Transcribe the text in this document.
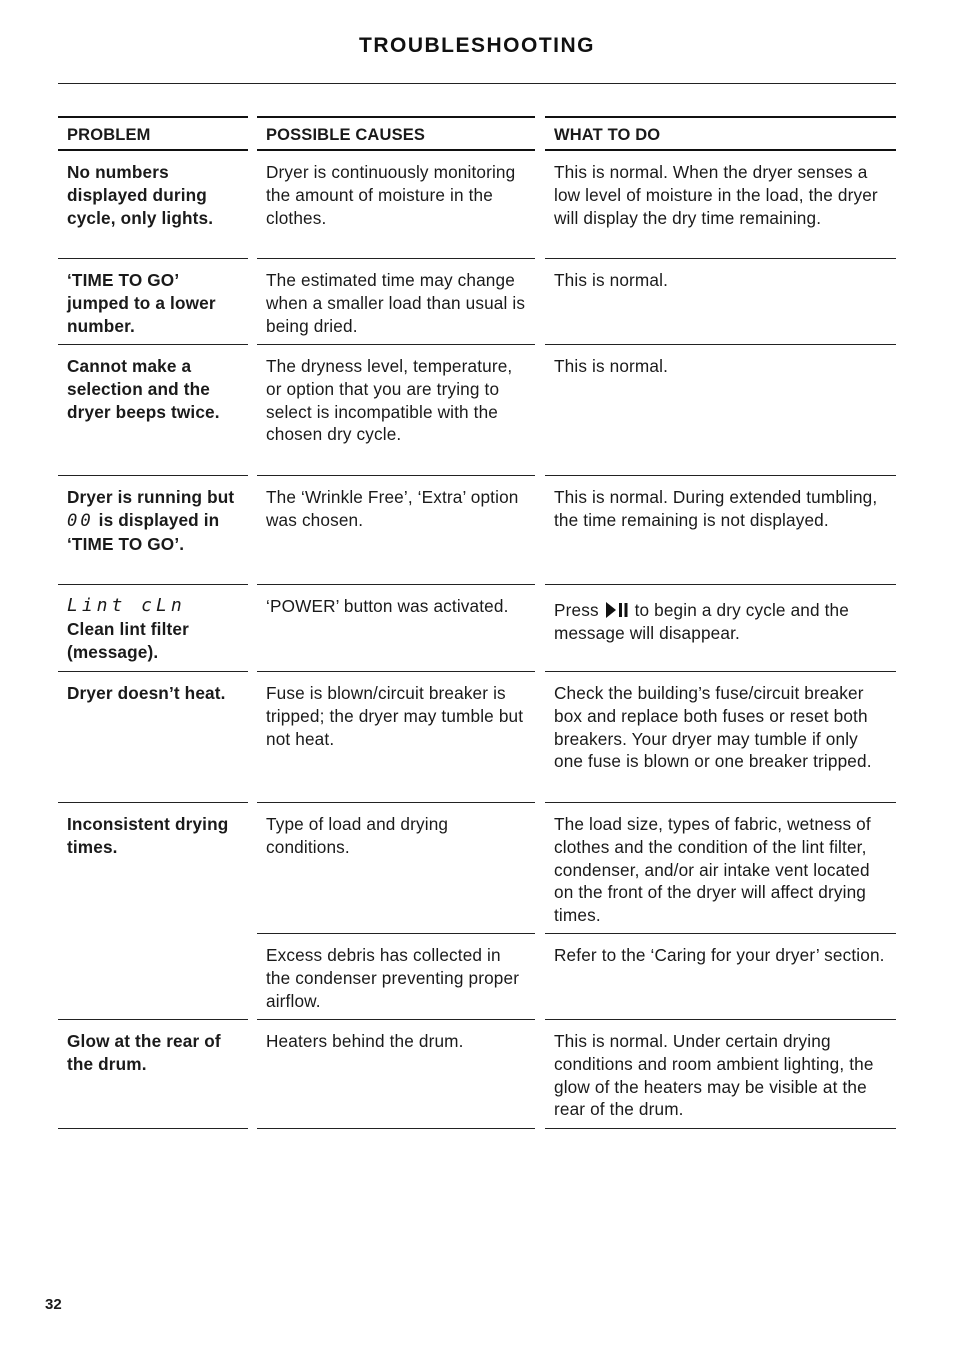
TROUBLESHOOTING
PROBLEM
No numbers displayed during cycle, only lights.
‘TIME TO GO’ jumped to a lower number.
Cannot make a selection and the dryer beeps twice.
Dryer is running but 00 is displayed in ‘TIME TO GO’.
Lint cLn
Clean lint filter (message).
Dryer doesn’t heat.
Inconsistent drying times.
Glow at the rear of the drum.
POSSIBLE CAUSES
Dryer is continuously monitoring the amount of moisture in the clothes.
The estimated time may change when a smaller load than usual is being dried.
The dryness level, temperature, or option that you are trying to select is incompatible with the chosen dry cycle.
The ‘Wrinkle Free’, ‘Extra’ option was chosen.
‘POWER’ button was activated.
Fuse is blown/circuit breaker is tripped; the dryer may tumble but not heat.
Type of load and drying conditions.
Excess debris has collected in the condenser preventing proper airflow.
Heaters behind the drum.
WHAT TO DO
This is normal. When the dryer senses a low level of moisture in the load, the dryer will display the dry time remaining.
This is normal.
This is normal.
This is normal. During extended tumbling, the time remaining is not displayed.
Press to begin a dry cycle and the message will disappear.
Check the building’s fuse/circuit breaker box and replace both fuses or reset both breakers. Your dryer may tumble if only one fuse is blown or one breaker tripped.
The load size, types of fabric, wetness of clothes and the condition of the lint filter, condenser, and/or air intake vent located on the front of the dryer will affect drying times.
Refer to the ‘Caring for your dryer’ section.
This is normal. Under certain drying conditions and room ambient lighting, the glow of the heaters may be visible at the rear of the drum.
32
